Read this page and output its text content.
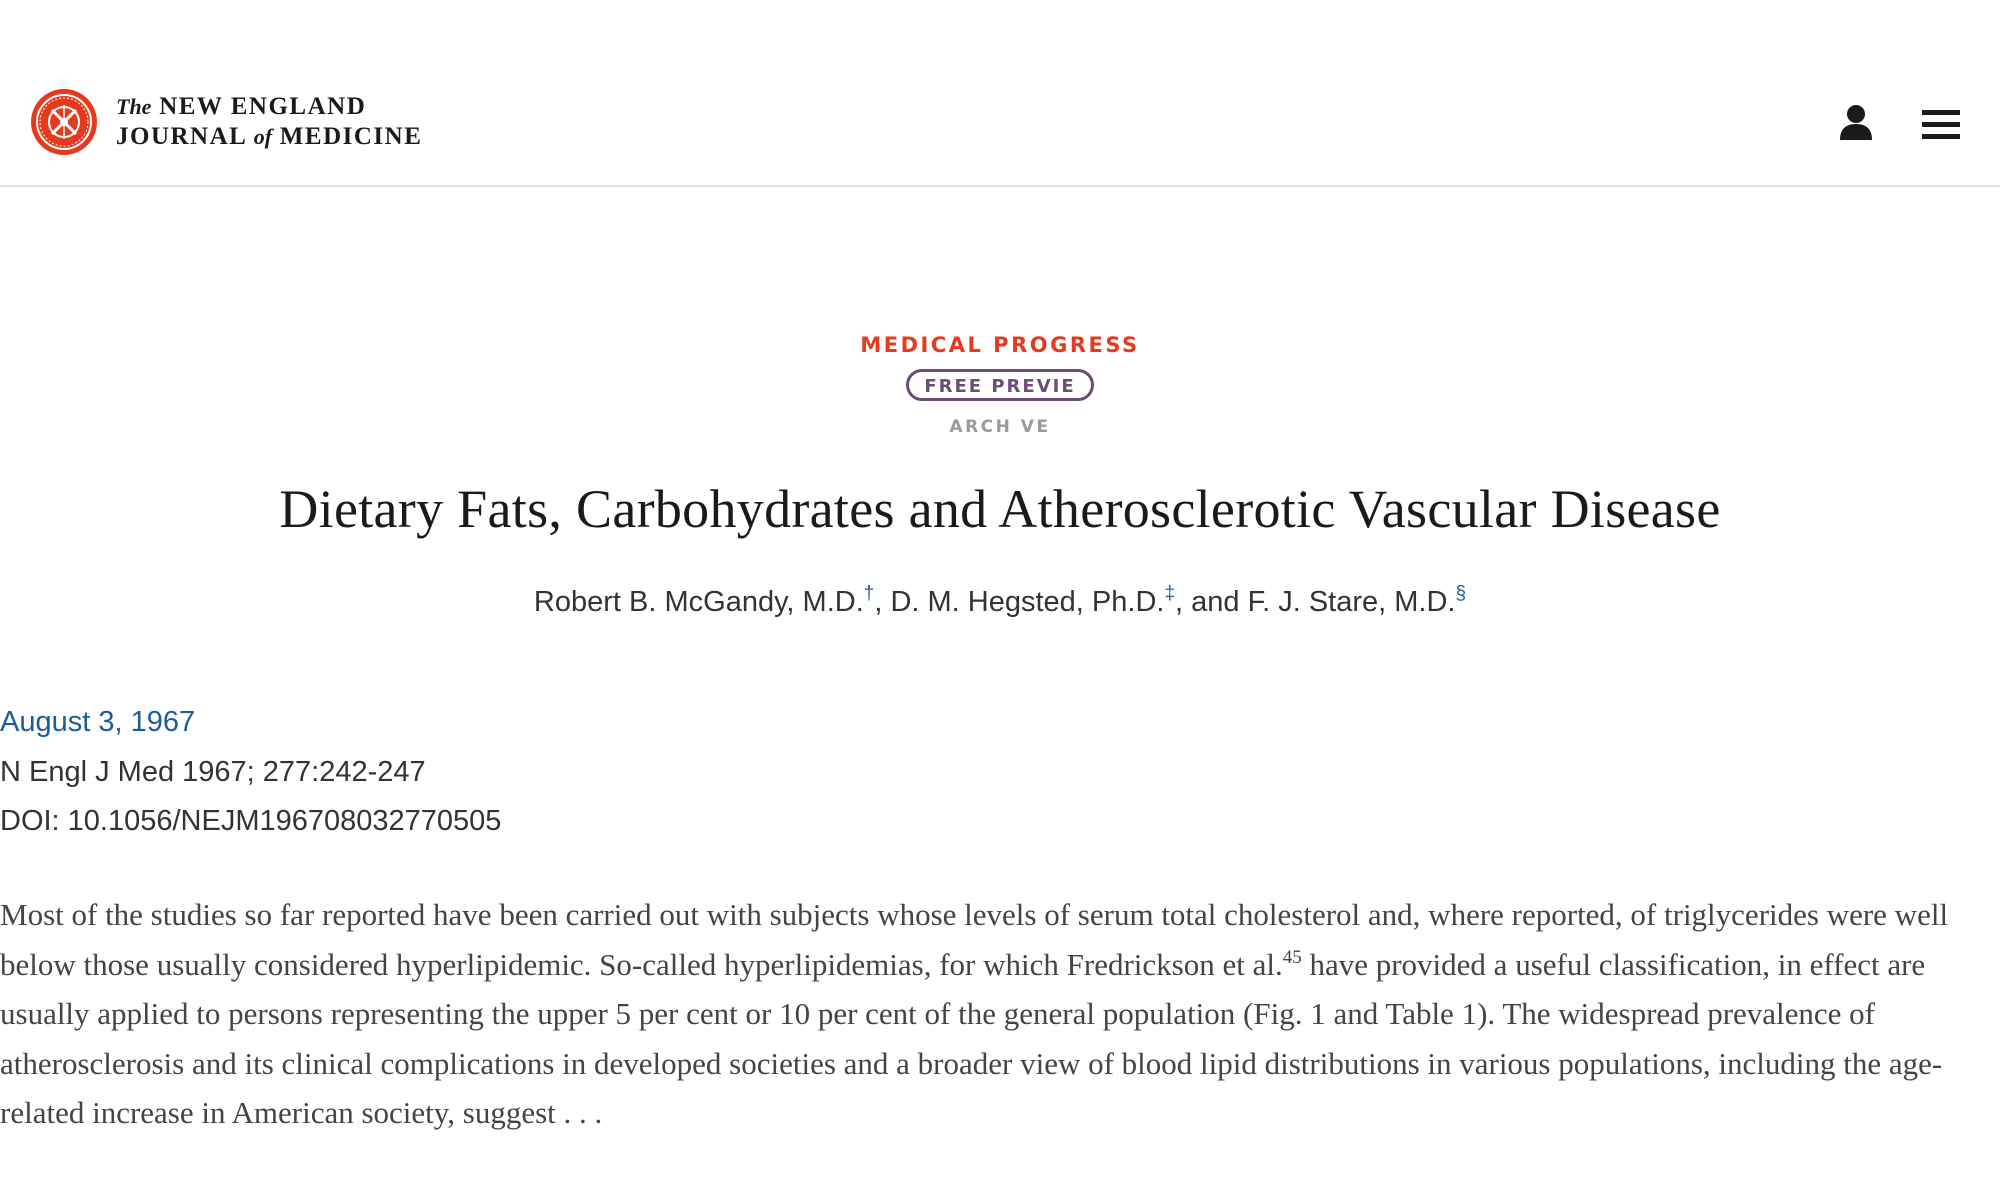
The NEW ENGLAND
JOURNAL of MEDICINE
MEDICAL PROGRESS
FREE PREVIE
ARCH VE
Dietary Fats, Carbohydrates and Atherosclerotic Vascular Disease
Robert B. McGandy, M.D.†, D. M. Hegsted, Ph.D.‡, and F. J. Stare, M.D.§
August 3, 1967
N Engl J Med 1967; 277:242-247
DOI: 10.1056/NEJM196708032770505

Most of the studies so far reported have been carried out with subjects whose levels of serum total cholesterol and, where reported, of triglycerides were well below those usually considered hyperlipidemic. So-called hyperlipidemias, for which Fredrickson et al.$^{45}$ have provided a useful classification, in effect are usually applied to persons representing the upper 5 per cent or 10 per cent of the general population (Fig. 1 and Table 1). The widespread prevalence of atherosclerosis and its clinical complications in developed societies and a broader view of blood lipid distributions in various populations, including the age-related increase in American society, suggest . . .
